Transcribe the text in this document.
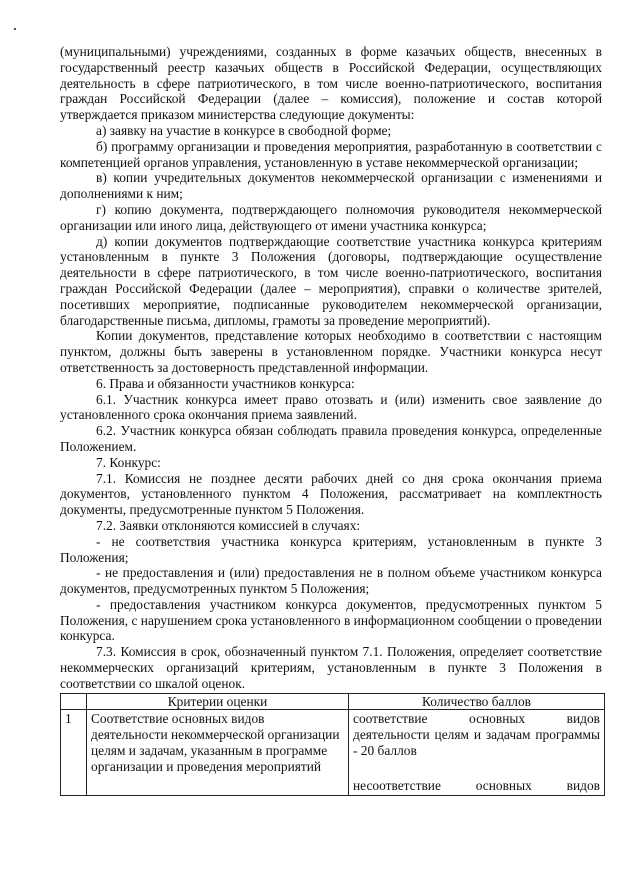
(муниципальными) учреждениями, созданных в форме казачьих обществ, внесенных в государственный реестр казачьих обществ в Российской Федерации, осуществляющих деятельность в сфере патриотического, в том числе военно-патриотического, воспитания граждан Российской Федерации (далее – комиссия), положение и состав которой утверждается приказом министерства следующие документы:

а) заявку на участие в конкурсе в свободной форме;

б) программу организации и проведения мероприятия, разработанную в соответствии с компетенцией органов управления, установленную в уставе некоммерческой организации;

в) копии учредительных документов некоммерческой организации с изменениями и дополнениями к ним;

г) копию документа, подтверждающего полномочия руководителя некоммерческой организации или иного лица, действующего от имени участника конкурса;

д) копии документов подтверждающие соответствие участника конкурса критериям установленным в пункте 3 Положения (договоры, подтверждающие осуществление деятельности в сфере патриотического, в том числе военно-патриотического, воспитания граждан Российской Федерации (далее – мероприятия), справки о количестве зрителей, посетивших мероприятие, подписанные руководителем некоммерческой организации, благодарственные письма, дипломы, грамоты за проведение мероприятий).

Копии документов, представление которых необходимо в соответствии с настоящим пунктом, должны быть заверены в установленном порядке. Участники конкурса несут ответственность за достоверность представленной информации.

6. Права и обязанности участников конкурса:

6.1. Участник конкурса имеет право отозвать и (или) изменить свое заявление до установленного срока окончания приема заявлений.

6.2. Участник конкурса обязан соблюдать правила проведения конкурса, определенные Положением.

7. Конкурс:

7.1. Комиссия не позднее десяти рабочих дней со дня срока окончания приема документов, установленного пунктом 4 Положения, рассматривает на комплектность документы, предусмотренные пунктом 5 Положения.

7.2. Заявки отклоняются комиссией в случаях:

- не соответствия участника конкурса критериям, установленным в пункте 3 Положения;

- не предоставления и (или) предоставления не в полном объеме участником конкурса документов, предусмотренных пунктом 5 Положения;

- предоставления участником конкурса документов, предусмотренных пунктом 5 Положения, с нарушением срока установленного в информационном сообщении о проведении конкурса.

7.3. Комиссия в срок, обозначенный пунктом 7.1. Положения, определяет соответствие некоммерческих организаций критериям, установленным в пункте 3 Положения в соответствии со шкалой оценок.

	Критерии оценки	Количество баллов
1	Соответствие основных видов деятельности некоммерческой организации целям и задачам, указанным в программе организации и проведения мероприятий	соответствие основных видов деятельности целям и задачам программы - 20 баллов
несоответствие основных видов
